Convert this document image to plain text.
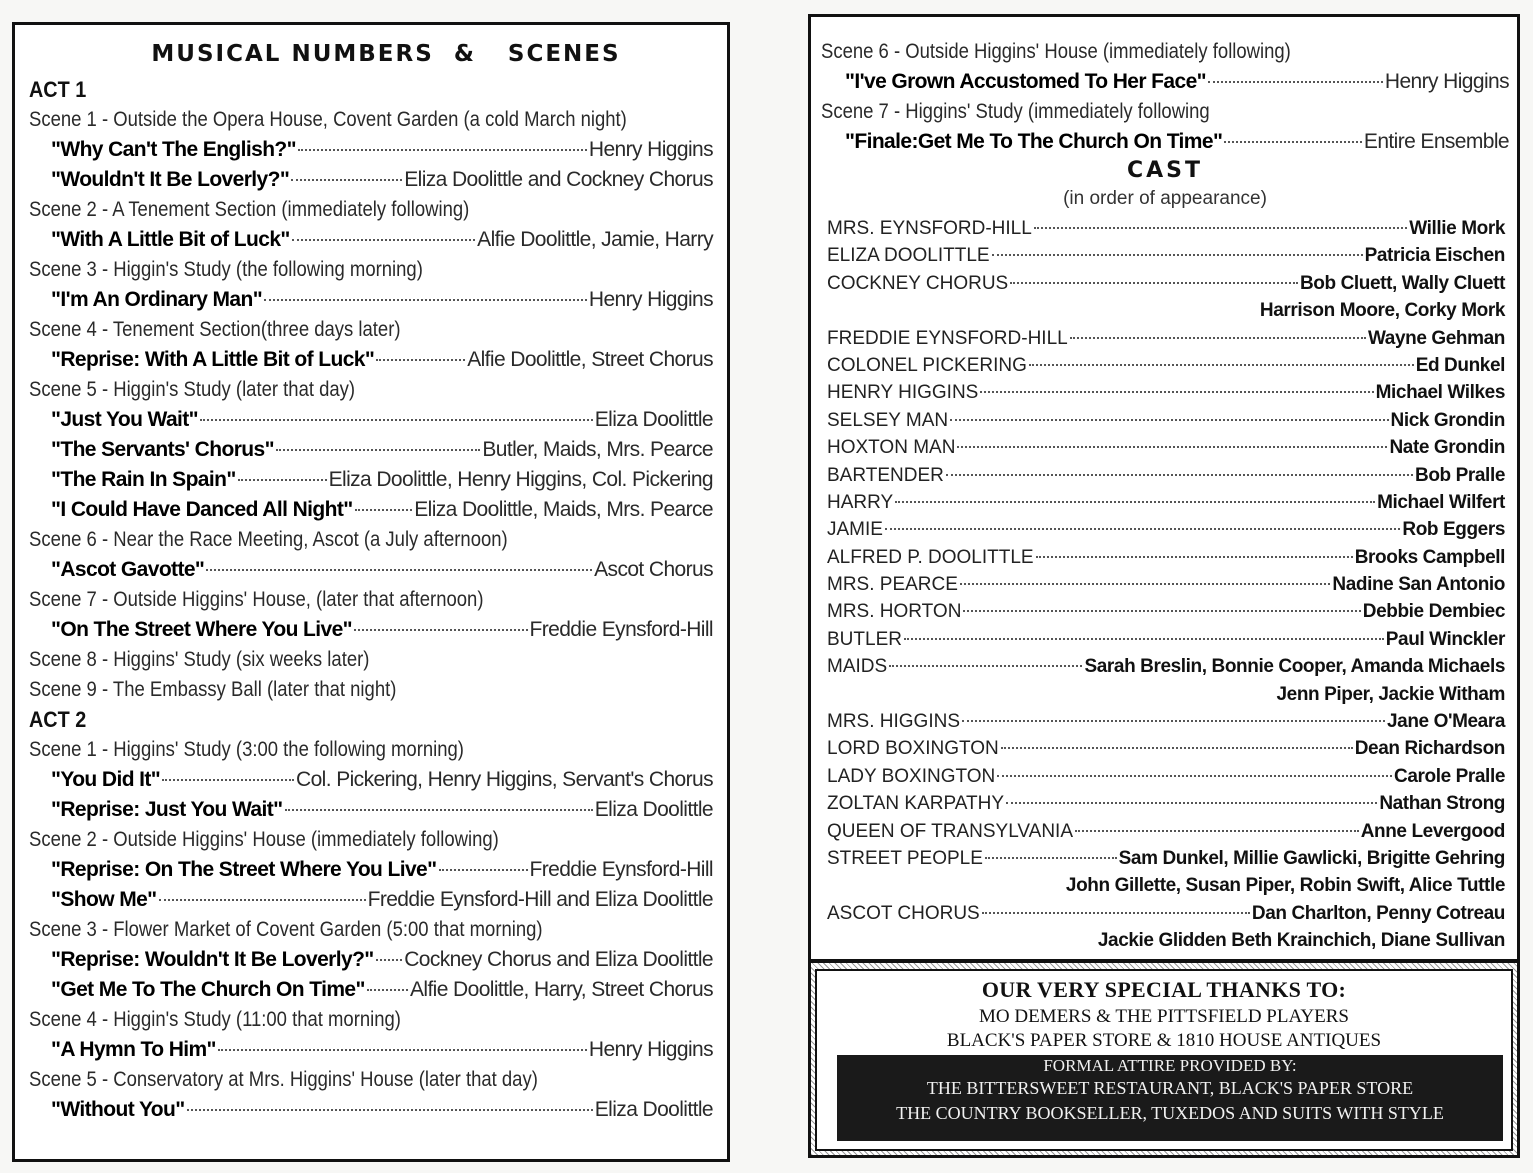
MUSICAL NUMBERS & SCENES
ACT 1
Scene 1 - Outside the Opera House, Covent Garden (a cold March night)
"Why Can't The English?"	Henry Higgins
"Wouldn't It Be Loverly?"	Eliza Doolittle and Cockney Chorus
Scene 2 - A Tenement Section (immediately following)
"With A Little Bit of Luck"	Alfie Doolittle, Jamie, Harry
Scene 3 - Higgin's Study (the following morning)
"I'm An Ordinary Man"	Henry Higgins
Scene 4 - Tenement Section(three days later)
"Reprise: With A Little Bit of Luck"	Alfie Doolittle, Street Chorus
Scene 5 - Higgin's Study (later that day)
"Just You Wait"	Eliza Doolittle
"The Servants' Chorus"	Butler, Maids, Mrs. Pearce
"The Rain In Spain"	Eliza Doolittle, Henry Higgins, Col. Pickering
"I Could Have Danced All Night"	Eliza Doolittle, Maids, Mrs. Pearce
Scene 6 - Near the Race Meeting, Ascot (a July afternoon)
"Ascot Gavotte"	Ascot Chorus
Scene 7 - Outside Higgins' House, (later that afternoon)
"On The Street Where You Live"	Freddie Eynsford-Hill
Scene 8 - Higgins' Study (six weeks later)
Scene 9 - The Embassy Ball (later that night)
ACT 2
Scene 1 - Higgins' Study (3:00 the following morning)
"You Did It"	Col. Pickering, Henry Higgins, Servant's Chorus
"Reprise: Just You Wait"	Eliza Doolittle
Scene 2 - Outside Higgins' House (immediately following)
"Reprise: On The Street Where You Live"	Freddie Eynsford-Hill
"Show Me"	Freddie Eynsford-Hill and Eliza Doolittle
Scene 3 - Flower Market of Covent Garden (5:00 that morning)
"Reprise: Wouldn't It Be Loverly?" Cockney Chorus and Eliza Doolittle
"Get Me To The Church On Time" Alfie Doolittle, Harry, Street Chorus
Scene 4 - Higgin's Study (11:00 that morning)
"A Hymn To Him"	Henry Higgins
Scene 5 - Conservatory at Mrs. Higgins' House (later that day)
"Without You"	Eliza Doolittle
Scene 6 - Outside Higgins' House (immediately following)
"I've Grown Accustomed To Her Face"	Henry Higgins
Scene 7 - Higgins' Study (immediately following
"Finale:Get Me To The Church On Time"	Entire Ensemble
CAST
(in order of appearance)
MRS. EYNSFORD-HILL	Willie Mork
ELIZA DOOLITTLE	Patricia Eischen
COCKNEY CHORUS	Bob Cluett, Wally Cluett
Harrison Moore, Corky Mork
FREDDIE EYNSFORD-HILL	Wayne Gehman
COLONEL PICKERING	Ed Dunkel
HENRY HIGGINS	Michael Wilkes
SELSEY MAN	Nick Grondin
HOXTON MAN	Nate Grondin
BARTENDER	Bob Pralle
HARRY	Michael Wilfert
JAMIE	Rob Eggers
ALFRED P. DOOLITTLE	Brooks Campbell
MRS. PEARCE	Nadine San Antonio
MRS. HORTON	Debbie Dembiec
BUTLER	Paul Winckler
MAIDS	Sarah Breslin, Bonnie Cooper, Amanda Michaels
Jenn Piper, Jackie Witham
MRS. HIGGINS	Jane O'Meara
LORD BOXINGTON	Dean Richardson
LADY BOXINGTON	Carole Pralle
ZOLTAN KARPATHY	Nathan Strong
QUEEN OF TRANSYLVANIA	Anne Levergood
STREET PEOPLE	Sam Dunkel, Millie Gawlicki, Brigitte Gehring
John Gillette, Susan Piper, Robin Swift, Alice Tuttle
ASCOT CHORUS	Dan Charlton, Penny Cotreau
Jackie Glidden Beth Krainchich, Diane Sullivan
OUR VERY SPECIAL THANKS TO:
MO DEMERS & THE PITTSFIELD PLAYERS
BLACK'S PAPER STORE & 1810 HOUSE ANTIQUES
FORMAL ATTIRE PROVIDED BY:
THE BITTERSWEET RESTAURANT, BLACK'S PAPER STORE
THE COUNTRY BOOKSELLER, TUXEDOS AND SUITS WITH STYLE
